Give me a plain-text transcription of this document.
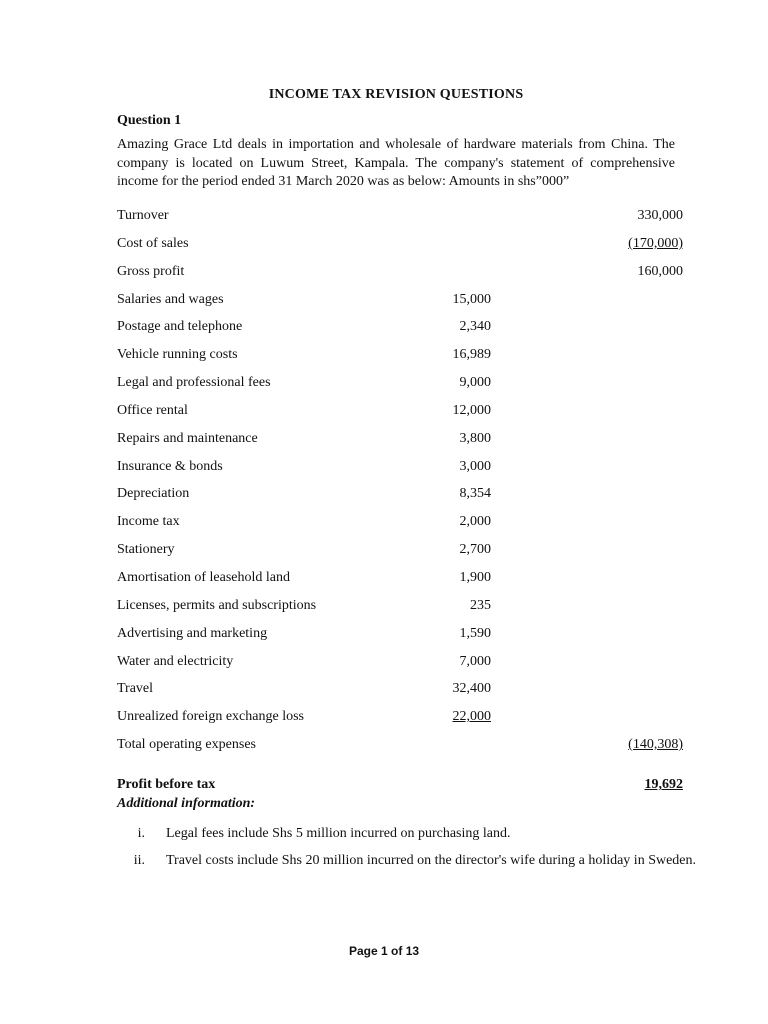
INCOME TAX REVISION QUESTIONS
Question 1
Amazing Grace Ltd deals in importation and wholesale of hardware materials from China. The company is located on Luwum Street, Kampala. The company's statement of comprehensive income for the period ended 31 March 2020 was as below: Amounts in shs”000”
Turnover	330,000
Cost of sales	(170,000)
Gross profit	160,000
Salaries and wages	15,000
Postage and telephone	2,340
Vehicle running costs	16,989
Legal and professional fees	9,000
Office rental	12,000
Repairs and maintenance	3,800
Insurance & bonds	3,000
Depreciation	8,354
Income tax	2,000
Stationery	2,700
Amortisation of leasehold land	1,900
Licenses, permits and subscriptions	235
Advertising and marketing	1,590
Water and electricity	7,000
Travel	32,400
Unrealized foreign exchange loss	22,000
Total operating expenses	(140,308)
Profit before tax	19,692
Additional information:
i. Legal fees include Shs 5 million incurred on purchasing land.
ii. Travel costs include Shs 20 million incurred on the director's wife during a holiday in Sweden.
Page 1 of 13
